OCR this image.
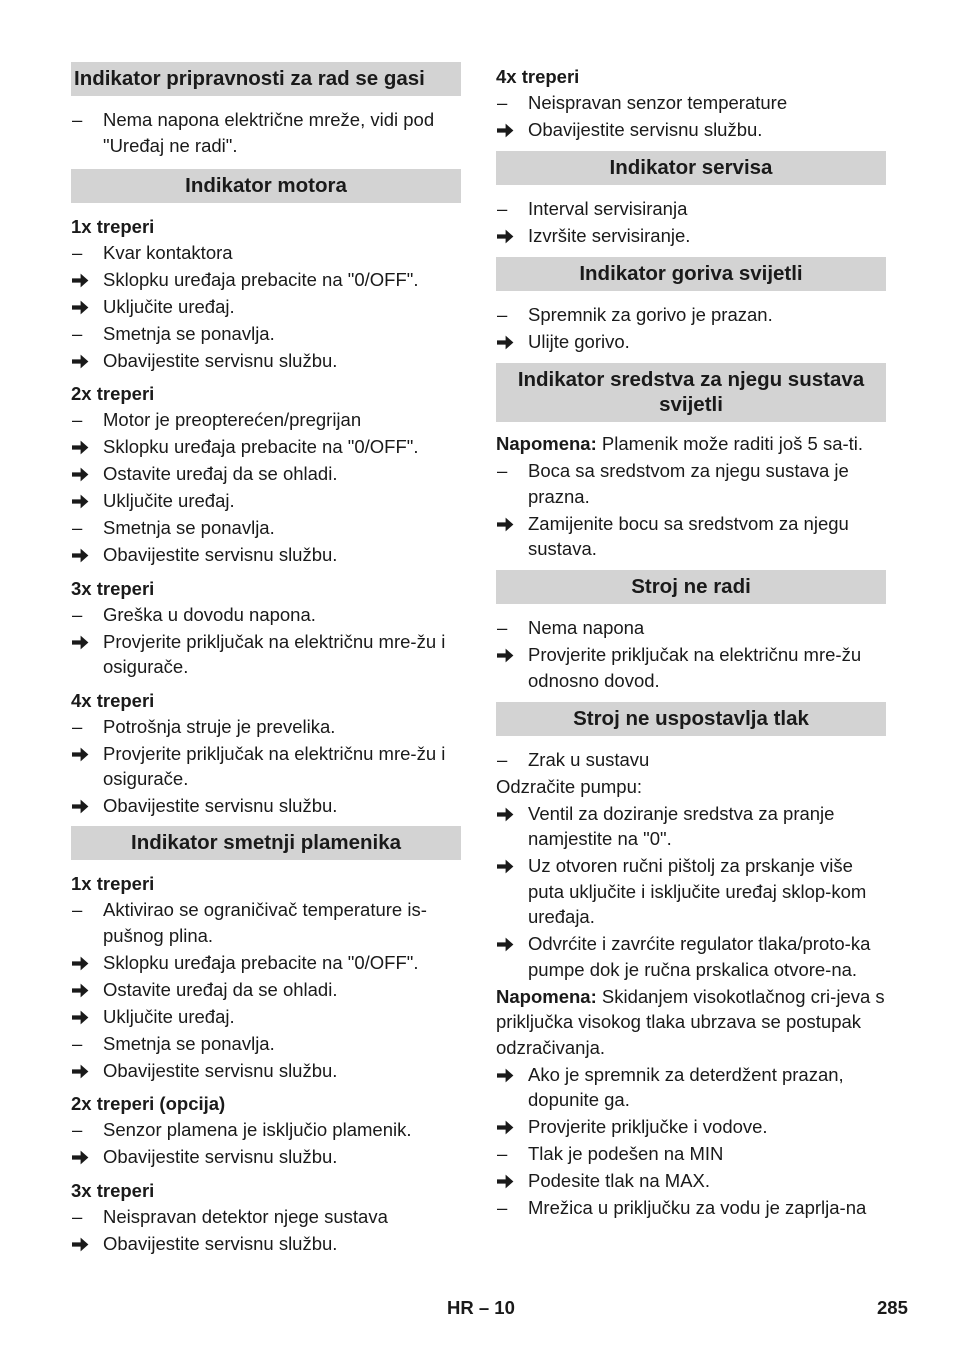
Indikator pripravnosti za rad se gasi
–	Nema napona električne mreže, vidi pod "Uređaj ne radi".
Indikator motora
1x treperi
–	Kvar kontaktora
Sklopku uređaja prebacite na "0/OFF".
Uključite uređaj.
–	Smetnja se ponavlja.
Obavijestite servisnu službu.
2x treperi
–	Motor je preopterećen/pregrijan
Sklopku uređaja prebacite na "0/OFF".
Ostavite uređaj da se ohladi.
Uključite uređaj.
–	Smetnja se ponavlja.
Obavijestite servisnu službu.
3x treperi
–	Greška u dovodu napona.
Provjerite priključak na električnu mre-žu i osigurače.
4x treperi
–	Potrošnja struje je prevelika.
Provjerite priključak na električnu mre-žu i osigurače.
Obavijestite servisnu službu.
Indikator smetnji plamenika
1x treperi
–	Aktivirao se ograničivač temperature is-pušnog plina.
Sklopku uređaja prebacite na "0/OFF".
Ostavite uređaj da se ohladi.
Uključite uređaj.
–	Smetnja se ponavlja.
Obavijestite servisnu službu.
2x treperi (opcija)
–	Senzor plamena je isključio plamenik.
Obavijestite servisnu službu.
3x treperi
–	Neispravan detektor njege sustava
Obavijestite servisnu službu.
4x treperi
–	Neispravan senzor temperature
Obavijestite servisnu službu.
Indikator servisa
–	Interval servisiranja
Izvršite servisiranje.
Indikator goriva svijetli
–	Spremnik za gorivo je prazan.
Ulijte gorivo.
Indikator sredstva za njegu sustava svijetli
Napomena: Plamenik može raditi još 5 sa-ti.
–	Boca sa sredstvom za njegu sustava je prazna.
Zamijenite bocu sa sredstvom za njegu sustava.
Stroj ne radi
–	Nema napona
Provjerite priključak na električnu mre-žu odnosno dovod.
Stroj ne uspostavlja tlak
–	Zrak u sustavu
Odzračite pumpu:
Ventil za doziranje sredstva za pranje namjestite na "0".
Uz otvoren ručni pištolj za prskanje više puta uključite i isključite uređaj sklop-kom uređaja.
Odvrćite i zavrćite regulator tlaka/proto-ka pumpe dok je ručna prskalica otvore-na.
Napomena: Skidanjem visokotlačnog cri-jeva s priključka visokog tlaka ubrzava se postupak odzračivanja.
Ako je spremnik za deterdžent prazan, dopunite ga.
Provjerite priključke i vodove.
–	Tlak je podešen na MIN
Podesite tlak na MAX.
–	Mrežica u priključku za vodu je zaprlja-na
HR – 10	285
